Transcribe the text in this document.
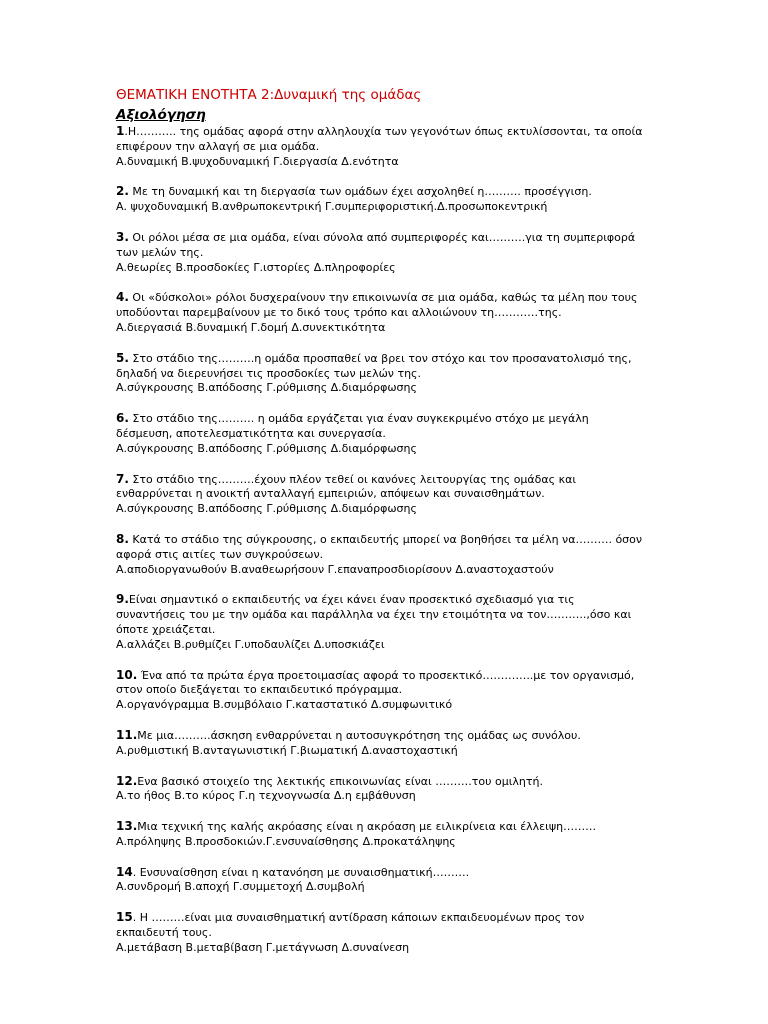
ΘΕΜΑΤΙΚΗ ΕΝΟΤΗΤΑ 2:Δυναμική της ομάδας
Αξιολόγηση
1.Η……….. της ομάδας αφορά στην αλληλουχία των γεγονότων όπως εκτυλίσσονται, τα οποία επιφέρουν την αλλαγή σε μια ομάδα.
Α.δυναμική Β.ψυχοδυναμική Γ.διεργασία Δ.ενότητα
2. Με τη δυναμική και τη διεργασία των ομάδων έχει ασχοληθεί η………. προσέγγιση.
Α. ψυχοδυναμική Β.ανθρωποκεντρική Γ.συμπεριφοριστική.Δ.προσωποκεντρική
3. Οι ρόλοι μέσα σε μια ομάδα, είναι σύνολα από συμπεριφορές και……….για τη συμπεριφορά των μελών της.
Α.θεωρίες Β.προσδοκίες Γ.ιστορίες Δ.πληροφορίες
4. Οι «δύσκολοι» ρόλοι δυσχεραίνουν την επικοινωνία σε μια ομάδα, καθώς τα μέλη που τους υποδύονται παρεμβαίνουν με το δικό τους τρόπο και αλλοιώνουν τη…………της.
Α.διεργασιά Β.δυναμική Γ.δομή Δ.συνεκτικότητα
5. Στο στάδιο της……….η ομάδα προσπαθεί να βρει τον στόχο και τον προσανατολισμό της, δηλαδή να διερευνήσει τις προσδοκίες των μελών της.
Α.σύγκρουσης Β.απόδοσης Γ.ρύθμισης Δ.διαμόρφωσης
6. Στο στάδιο της………. η ομάδα εργάζεται για έναν συγκεκριμένο στόχο με μεγάλη δέσμευση, αποτελεσματικότητα και συνεργασία.
Α.σύγκρουσης Β.απόδοσης Γ.ρύθμισης Δ.διαμόρφωσης
7. Στο στάδιο της……….έχουν πλέον τεθεί οι κανόνες λειτουργίας της ομάδας και ενθαρρύνεται η ανοικτή ανταλλαγή εμπειριών, απόψεων και συναισθημάτων.
Α.σύγκρουσης Β.απόδοσης Γ.ρύθμισης Δ.διαμόρφωσης
8. Κατά το στάδιο της σύγκρουσης, ο εκπαιδευτής μπορεί να βοηθήσει τα μέλη να………. όσον αφορά στις αιτίες των συγκρούσεων.
Α.αποδιοργανωθούν Β.αναθεωρήσουν Γ.επαναπροσδιορίσουν Δ.αναστοχαστούν
9.Είναι σημαντικό ο εκπαιδευτής να έχει κάνει έναν προσεκτικό σχεδιασμό για τις συναντήσεις του με την ομάδα και παράλληλα να έχει την ετοιμότητα να τον………..,όσο και όποτε χρειάζεται.
Α.αλλάζει Β.ρυθμίζει Γ.υποδαυλίζει Δ.υποσκιάζει
10. Ένα από τα πρώτα έργα προετοιμασίας αφορά το προσεκτικό…………..με τον οργανισμό, στον οποίο διεξάγεται το εκπαιδευτικό πρόγραμμα.
Α.οργανόγραμμα Β.συμβόλαιο Γ.καταστατικό Δ.συμφωνιτικό
11.Με μια……….άσκηση ενθαρρύνεται η αυτοσυγκρότηση της ομάδας ως συνόλου.
Α.ρυθμιστική Β.ανταγωνιστική Γ.βιωματική Δ.αναστοχαστική
12.Ενα βασικό στοιχείο της λεκτικής επικοινωνίας είναι ……….του ομιλητή.
Α.το ήθος Β.το κύρος Γ.η τεχνογνωσία Δ.η εμβάθυνση
13.Μια τεχνική της καλής ακρόασης είναι η ακρόαση με ειλικρίνεια και έλλειψη………
Α.πρόληψης Β.προσδοκιών.Γ.ενσυναίσθησης Δ.προκατάληψης
14. Ενσυναίσθηση είναι η κατανόηση με συναισθηματική……….
Α.συνδρομή Β.αποχή Γ.συμμετοχή Δ.συμβολή
15. Η ………είναι μια συναισθηματική αντίδραση κάποιων εκπαιδευομένων προς τον εκπαιδευτή τους.
Α.μετάβαση Β.μεταβίβαση Γ.μετάγνωση Δ.συναίνεση
